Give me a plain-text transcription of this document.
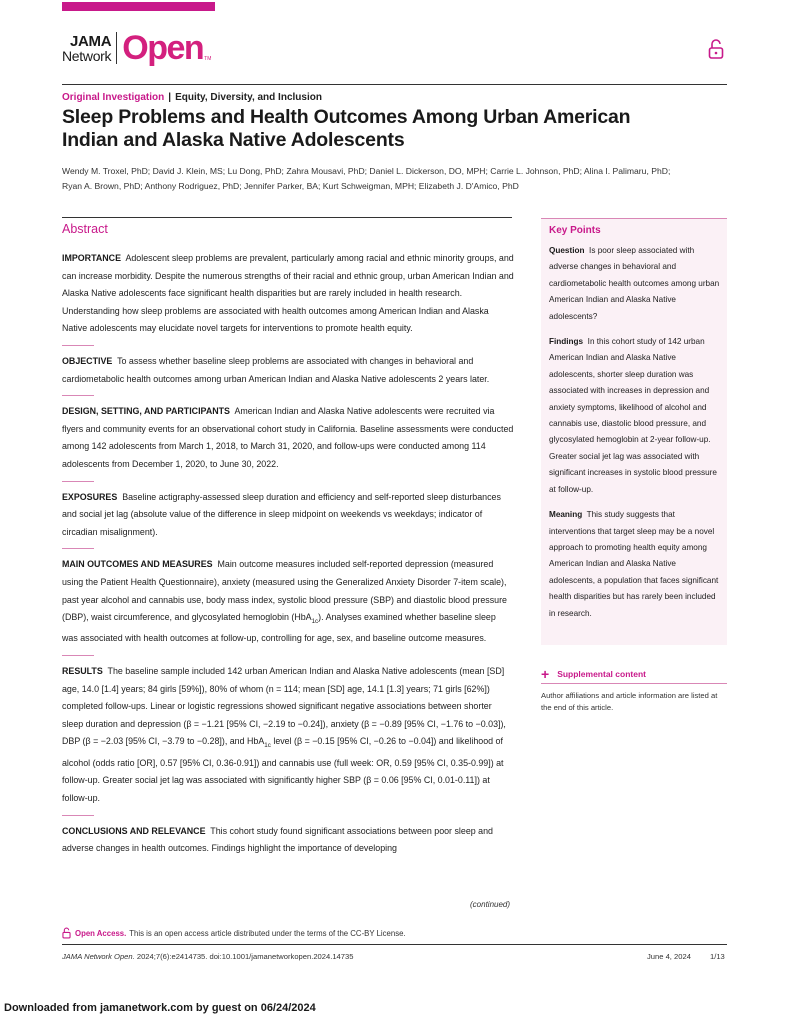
JAMA
Network Open TM
Original Investigation | Equity, Diversity, and Inclusion
Sleep Problems and Health Outcomes Among Urban American Indian and Alaska Native Adolescents
Wendy M. Troxel, PhD; David J. Klein, MS; Lu Dong, PhD; Zahra Mousavi, PhD; Daniel L. Dickerson, DO, MPH; Carrie L. Johnson, PhD; Alina I. Palimaru, PhD;
Ryan A. Brown, PhD; Anthony Rodriguez, PhD; Jennifer Parker, BA; Kurt Schweigman, MPH; Elizabeth J. D'Amico, PhD
Abstract

IMPORTANCE Adolescent sleep problems are prevalent, particularly among racial and ethnic minority groups, and can increase morbidity. Despite the numerous strengths of their racial and ethnic group, urban American Indian and Alaska Native adolescents face significant health disparities but are rarely included in health research. Understanding how sleep problems are associated with health outcomes among American Indian and Alaska Native adolescents may elucidate novel targets for interventions to promote health equity.

OBJECTIVE To assess whether baseline sleep problems are associated with changes in behavioral and cardiometabolic health outcomes among urban American Indian and Alaska Native adolescents 2 years later.

DESIGN, SETTING, AND PARTICIPANTS American Indian and Alaska Native adolescents were recruited via flyers and community events for an observational cohort study in California. Baseline assessments were conducted among 142 adolescents from March 1, 2018, to March 31, 2020, and follow-ups were conducted among 114 adolescents from December 1, 2020, to June 30, 2022.

EXPOSURES Baseline actigraphy-assessed sleep duration and efficiency and self-reported sleep disturbances and social jet lag (absolute value of the difference in sleep midpoint on weekends vs weekdays; indicator of circadian misalignment).

MAIN OUTCOMES AND MEASURES Main outcome measures included self-reported depression (measured using the Patient Health Questionnaire), anxiety (measured using the Generalized Anxiety Disorder 7-item scale), past year alcohol and cannabis use, body mass index, systolic blood pressure (SBP) and diastolic blood pressure (DBP), waist circumference, and glycosylated hemoglobin (HbA$_{1c}$). Analyses examined whether baseline sleep was associated with health outcomes at follow-up, controlling for age, sex, and baseline outcome measures.

RESULTS The baseline sample included 142 urban American Indian and Alaska Native adolescents (mean [SD] age, 14.0 [1.4] years; 84 girls [59%]), 80% of whom (n = 114; mean [SD] age, 14.1 [1.3] years; 71 girls [62%]) completed follow-ups. Linear or logistic regressions showed significant negative associations between shorter sleep duration and depression (β = −1.21 [95% CI, −2.19 to −0.24]), anxiety (β = −0.89 [95% CI, −1.76 to −0.03]), DBP (β = −2.03 [95% CI, −3.79 to −0.28]), and HbA$_{1c}$ level (β = −0.15 [95% CI, −0.26 to −0.04]) and likelihood of alcohol (odds ratio [OR], 0.57 [95% CI, 0.36-0.91]) and cannabis use (full week: OR, 0.59 [95% CI, 0.35-0.99]) at follow-up. Greater social jet lag was associated with significantly higher SBP (β = 0.06 [95% CI, 0.01-0.11]) at follow-up.

CONCLUSIONS AND RELEVANCE This cohort study found significant associations between poor sleep and adverse changes in health outcomes. Findings highlight the importance of developing

(continued)
Key Points

Question Is poor sleep associated with adverse changes in behavioral and cardiometabolic health outcomes among urban American Indian and Alaska Native adolescents?

Findings In this cohort study of 142 urban American Indian and Alaska Native adolescents, shorter sleep duration was associated with increases in depression and anxiety symptoms, likelihood of alcohol and cannabis use, diastolic blood pressure, and glycosylated hemoglobin at 2-year follow-up. Greater social jet lag was associated with significant increases in systolic blood pressure at follow-up.

Meaning This study suggests that interventions that target sleep may be a novel approach to promoting health equity among American Indian and Alaska Native adolescents, a population that faces significant health disparities but has rarely been included in research.

+ Supplemental content
Author affiliations and article information are listed at the end of this article.
Open Access. This is an open access article distributed under the terms of the CC-BY License.
JAMA Network Open. 2024;7(6):e2414735. doi:10.1001/jamanetworkopen.2024.14735	June 4, 2024	1/13
Downloaded from jamanetwork.com by guest on 06/24/2024
